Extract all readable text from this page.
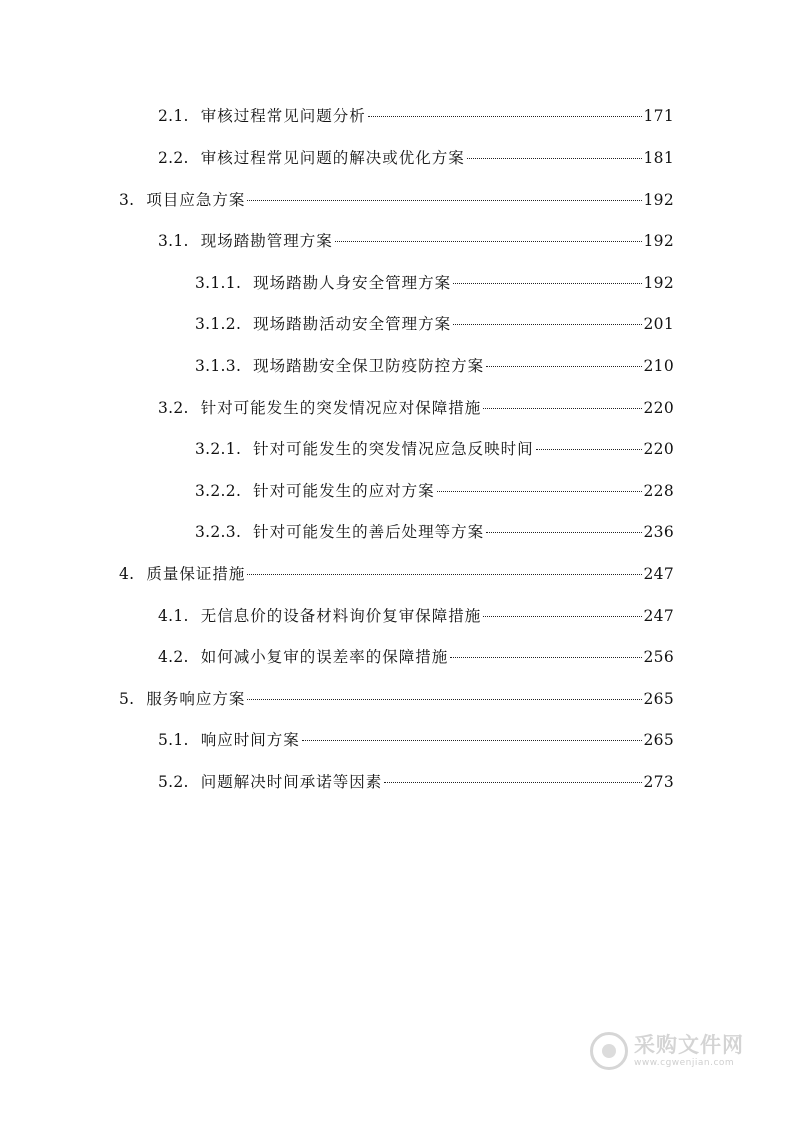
2.1. 审核过程常见问题分析	171
2.2. 审核过程常见问题的解决或优化方案	181
3. 项目应急方案	192
3.1. 现场踏勘管理方案	192
3.1.1. 现场踏勘人身安全管理方案	192
3.1.2. 现场踏勘活动安全管理方案	201
3.1.3. 现场踏勘安全保卫防疫防控方案	210
3.2. 针对可能发生的突发情况应对保障措施	220
3.2.1. 针对可能发生的突发情况应急反映时间	220
3.2.2. 针对可能发生的应对方案	228
3.2.3. 针对可能发生的善后处理等方案	236
4. 质量保证措施	247
4.1. 无信息价的设备材料询价复审保障措施	247
4.2. 如何减小复审的误差率的保障措施	256
5. 服务响应方案	265
5.1. 响应时间方案	265
5.2. 问题解决时间承诺等因素	273
采购文件网
www.cgwenjian.com
